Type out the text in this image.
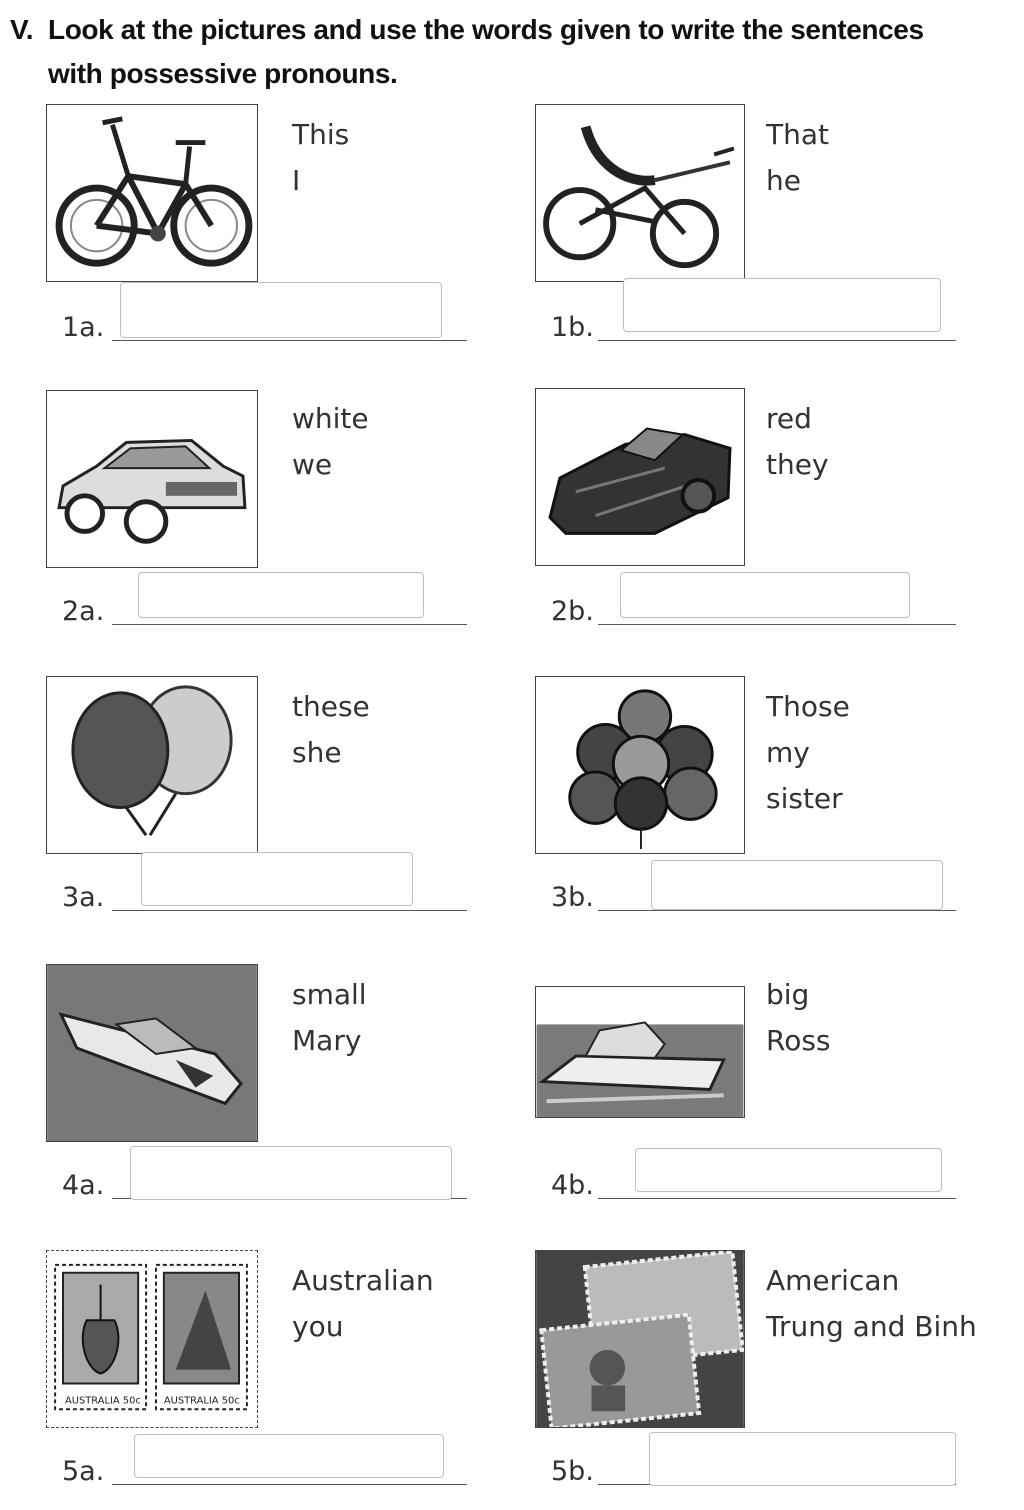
V. Look at the pictures and use the words given to write the sentences
with possessive pronouns.
This
I
1a.
That
he
1b.
white
we
2a.
red
they
2b.
these
she
3a.
Those
my
sister
3b.
small
Mary
4a.
big
Ross
4b.
AUSTRALIA 50c AUSTRALIA 50c
Australian
you
5a.
American
Trung and Binh
5b.
